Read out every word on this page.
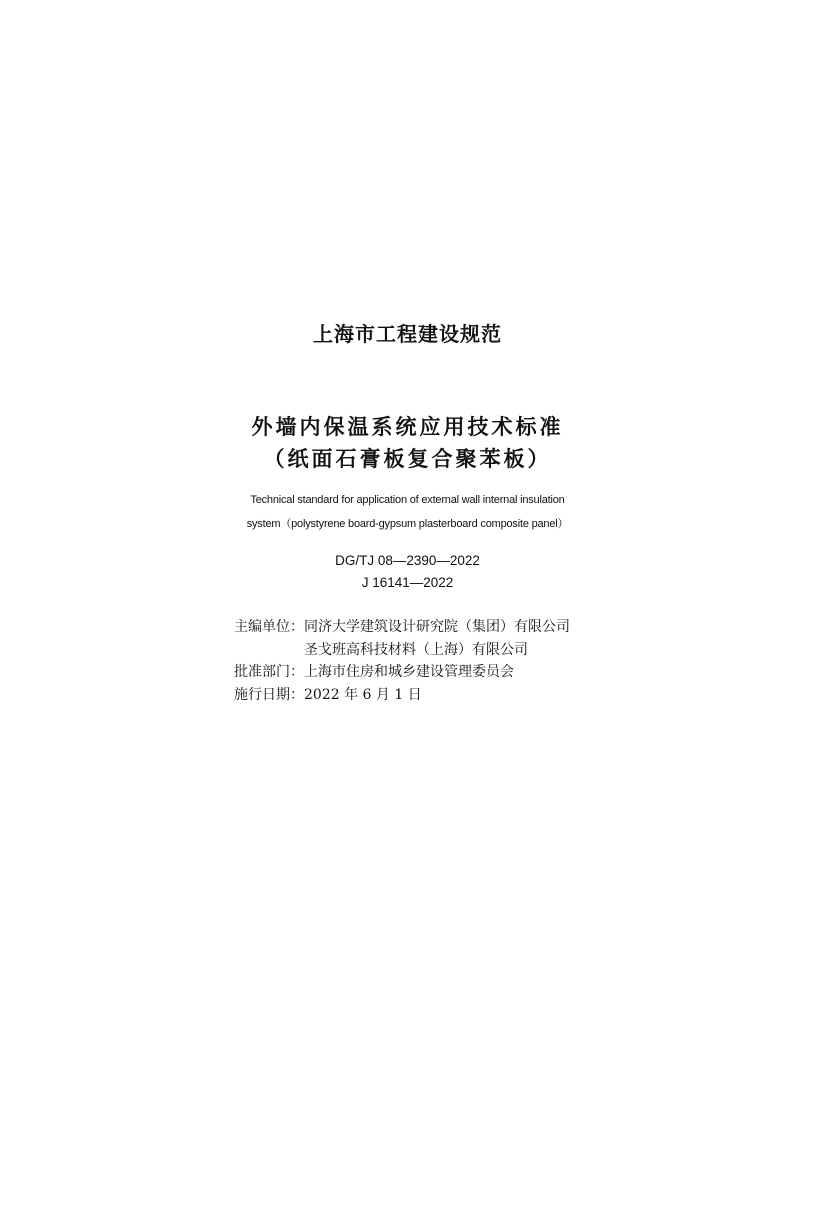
上海市工程建设规范
外墙内保温系统应用技术标准
（纸面石膏板复合聚苯板）
Technical standard for application of external wall internal insulation
system（polystyrene board-gypsum plasterboard composite panel）
DG/TJ 08—2390—2022
J 16141—2022
主编单位：同济大学建筑设计研究院（集团）有限公司
圣戈班高科技材料（上海）有限公司
批准部门：上海市住房和城乡建设管理委员会
施行日期：2022 年 6 月 1 日
